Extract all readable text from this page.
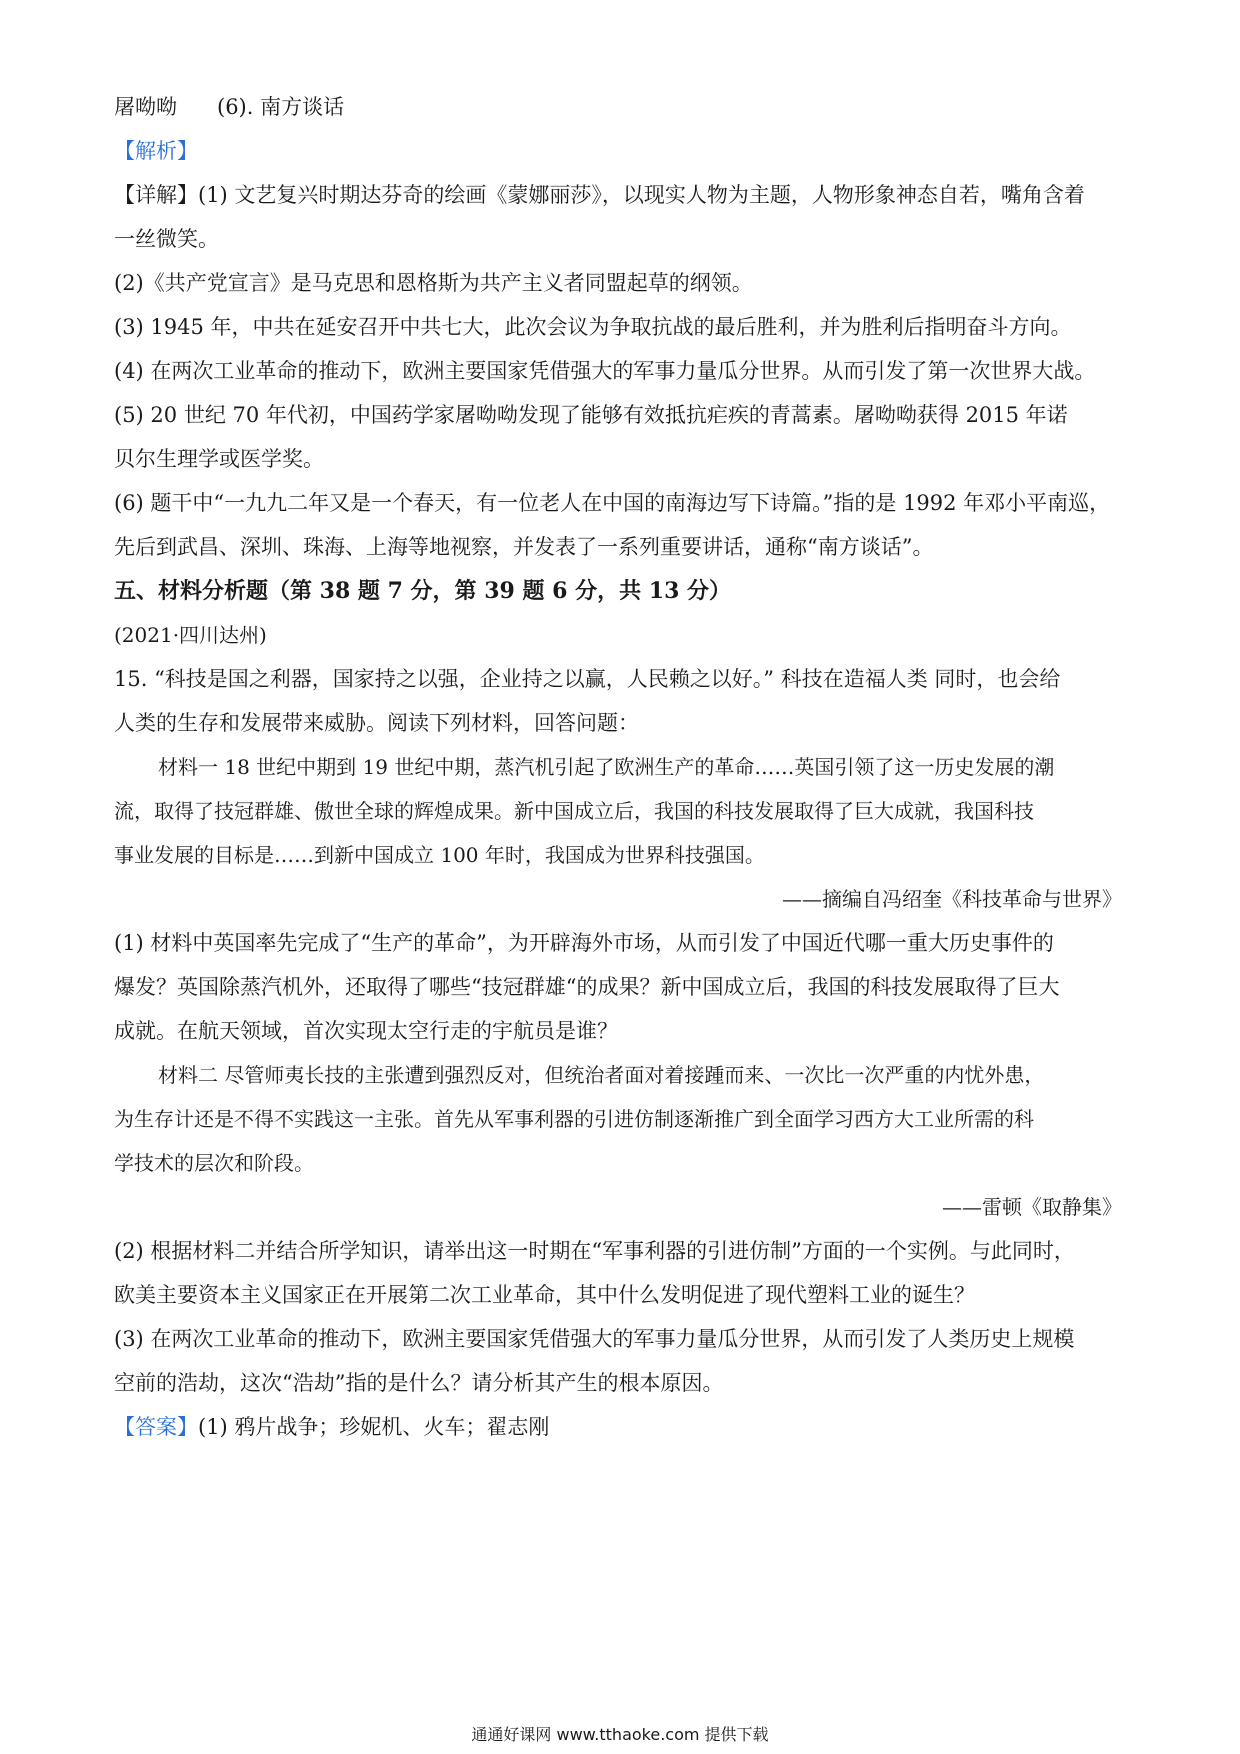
屠呦呦 (6). 南方谈话
【解析】
【详解】(1) 文艺复兴时期达芬奇的绘画《蒙娜丽莎》，以现实人物为主题，人物形象神态自若，嘴角含着
一丝微笑。
(2)《共产党宣言》是马克思和恩格斯为共产主义者同盟起草的纲领。
(3) 1945 年，中共在延安召开中共七大，此次会议为争取抗战的最后胜利，并为胜利后指明奋斗方向。
(4) 在两次工业革命的推动下，欧洲主要国家凭借强大的军事力量瓜分世界。从而引发了第一次世界大战。
(5) 20 世纪 70 年代初，中国药学家屠呦呦发现了能够有效抵抗疟疾的青蒿素。屠呦呦获得 2015 年诺
贝尔生理学或医学奖。
(6) 题干中“一九九二年又是一个春天，有一位老人在中国的南海边写下诗篇。”指的是 1992 年邓小平南巡，
先后到武昌、深圳、珠海、上海等地视察，并发表了一系列重要讲话，通称“南方谈话”。
五、材料分析题（第 38 题 7 分，第 39 题 6 分，共 13 分）
(2021·四川达州)
15. “科技是国之利器，国家持之以强，企业持之以赢，人民赖之以好。” 科技在造福人类 同时，也会给
人类的生存和发展带来威胁。阅读下列材料，回答问题：
材料一 18 世纪中期到 19 世纪中期，蒸汽机引起了欧洲生产的革命……英国引领了这一历史发展的潮
流，取得了技冠群雄、傲世全球的辉煌成果。新中国成立后，我国的科技发展取得了巨大成就，我国科技
事业发展的目标是……到新中国成立 100 年时，我国成为世界科技强国。
——摘编自冯绍奎《科技革命与世界》
(1) 材料中英国率先完成了“生产的革命”，为开辟海外市场，从而引发了中国近代哪一重大历史事件的
爆发？英国除蒸汽机外，还取得了哪些“技冠群雄“的成果？新中国成立后，我国的科技发展取得了巨大
成就。在航天领域，首次实现太空行走的宇航员是谁？
材料二 尽管师夷长技的主张遭到强烈反对，但统治者面对着接踵而来、一次比一次严重的内忧外患，
为生存计还是不得不实践这一主张。首先从军事利器的引进仿制逐渐推广到全面学习西方大工业所需的科
学技术的层次和阶段。
——雷顿《取静集》
(2) 根据材料二并结合所学知识，请举出这一时期在“军事利器的引进仿制”方面的一个实例。与此同时，
欧美主要资本主义国家正在开展第二次工业革命，其中什么发明促进了现代塑料工业的诞生？
(3) 在两次工业革命的推动下，欧洲主要国家凭借强大的军事力量瓜分世界，从而引发了人类历史上规模
空前的浩劫，这次“浩劫”指的是什么？请分析其产生的根本原因。
【答案】(1) 鸦片战争；珍妮机、火车；翟志刚
通通好课网 www.tthaoke.com 提供下载
